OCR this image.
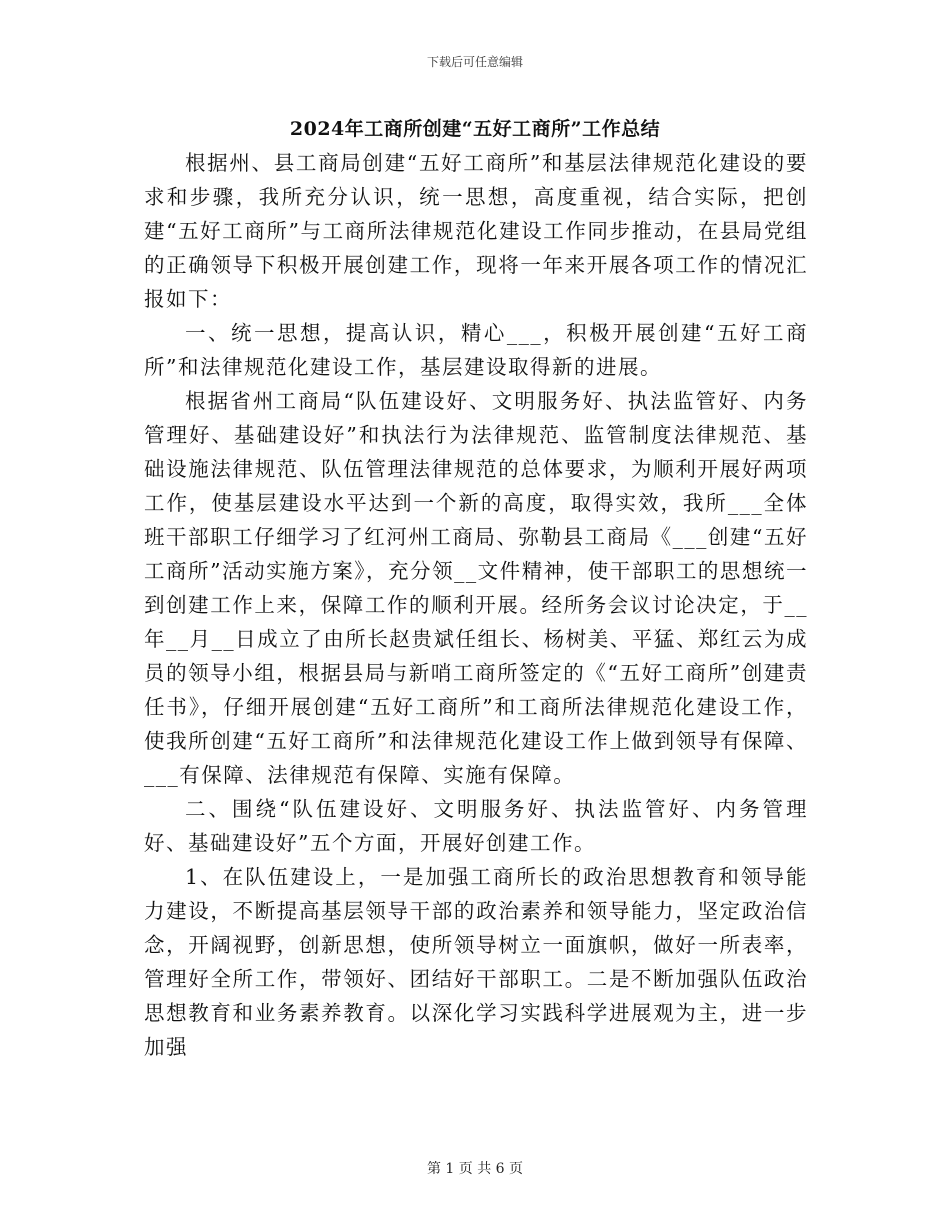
下载后可任意编辑
2024年工商所创建“五好工商所”工作总结

根据州、县工商局创建“五好工商所”和基层法律规范化建设的要求和步骤，我所充分认识，统一思想，高度重视，结合实际，把创建“五好工商所”与工商所法律规范化建设工作同步推动，在县局党组的正确领导下积极开展创建工作，现将一年来开展各项工作的情况汇报如下：

一、统一思想，提高认识，精心___，积极开展创建“五好工商所”和法律规范化建设工作，基层建设取得新的进展。

根据省州工商局“队伍建设好、文明服务好、执法监管好、内务管理好、基础建设好”和执法行为法律规范、监管制度法律规范、基础设施法律规范、队伍管理法律规范的总体要求，为顺利开展好两项工作，使基层建设水平达到一个新的高度，取得实效，我所___全体班干部职工仔细学习了红河州工商局、弥勒县工商局《___创建“五好工商所”活动实施方案》，充分领__文件精神，使干部职工的思想统一到创建工作上来，保障工作的顺利开展。经所务会议讨论决定，于__年__月__日成立了由所长赵贵斌任组长、杨树美、平猛、郑红云为成员的领导小组，根据县局与新哨工商所签定的《“五好工商所”创建责任书》，仔细开展创建“五好工商所”和工商所法律规范化建设工作，使我所创建“五好工商所”和法律规范化建设工作上做到领导有保障、___有保障、法律规范有保障、实施有保障。

二、围绕“队伍建设好、文明服务好、执法监管好、内务管理好、基础建设好”五个方面，开展好创建工作。

1、在队伍建设上，一是加强工商所长的政治思想教育和领导能力建设，不断提高基层领导干部的政治素养和领导能力，坚定政治信念，开阔视野，创新思想，使所领导树立一面旗帜，做好一所表率，管理好全所工作，带领好、团结好干部职工。二是不断加强队伍政治思想教育和业务素养教育。以深化学习实践科学进展观为主，进一步加强

第 1 页 共 6 页
